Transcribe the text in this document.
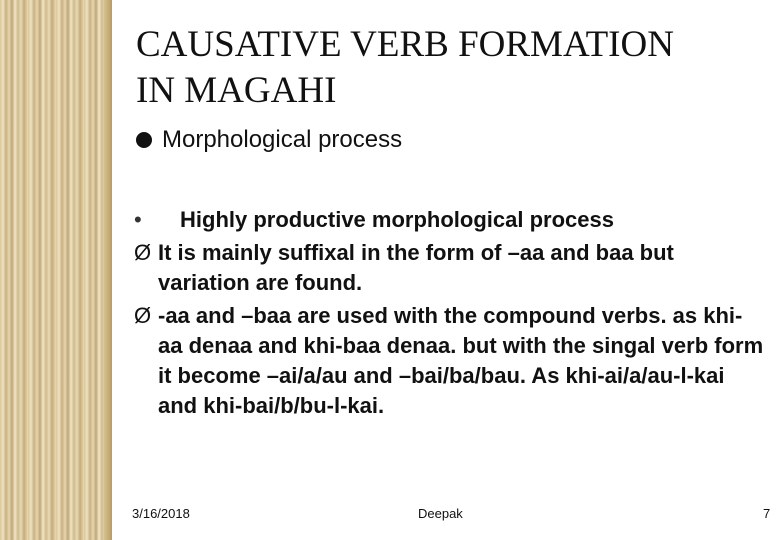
CAUSATIVE VERB FORMATION
IN MAGAHI
Morphological process
•	Highly productive morphological process
Ø It is mainly suffixal in the form of –aa and baa but variation are found.
Ø -aa and –baa are used with the compound verbs. as khi-aa denaa and khi-baa denaa. but with the singal verb form it become –ai/a/au and –bai/ba/bau. As khi-ai/a/au-l-kai and khi-bai/b/bu-l-kai.
3/16/2018	Deepak	7
